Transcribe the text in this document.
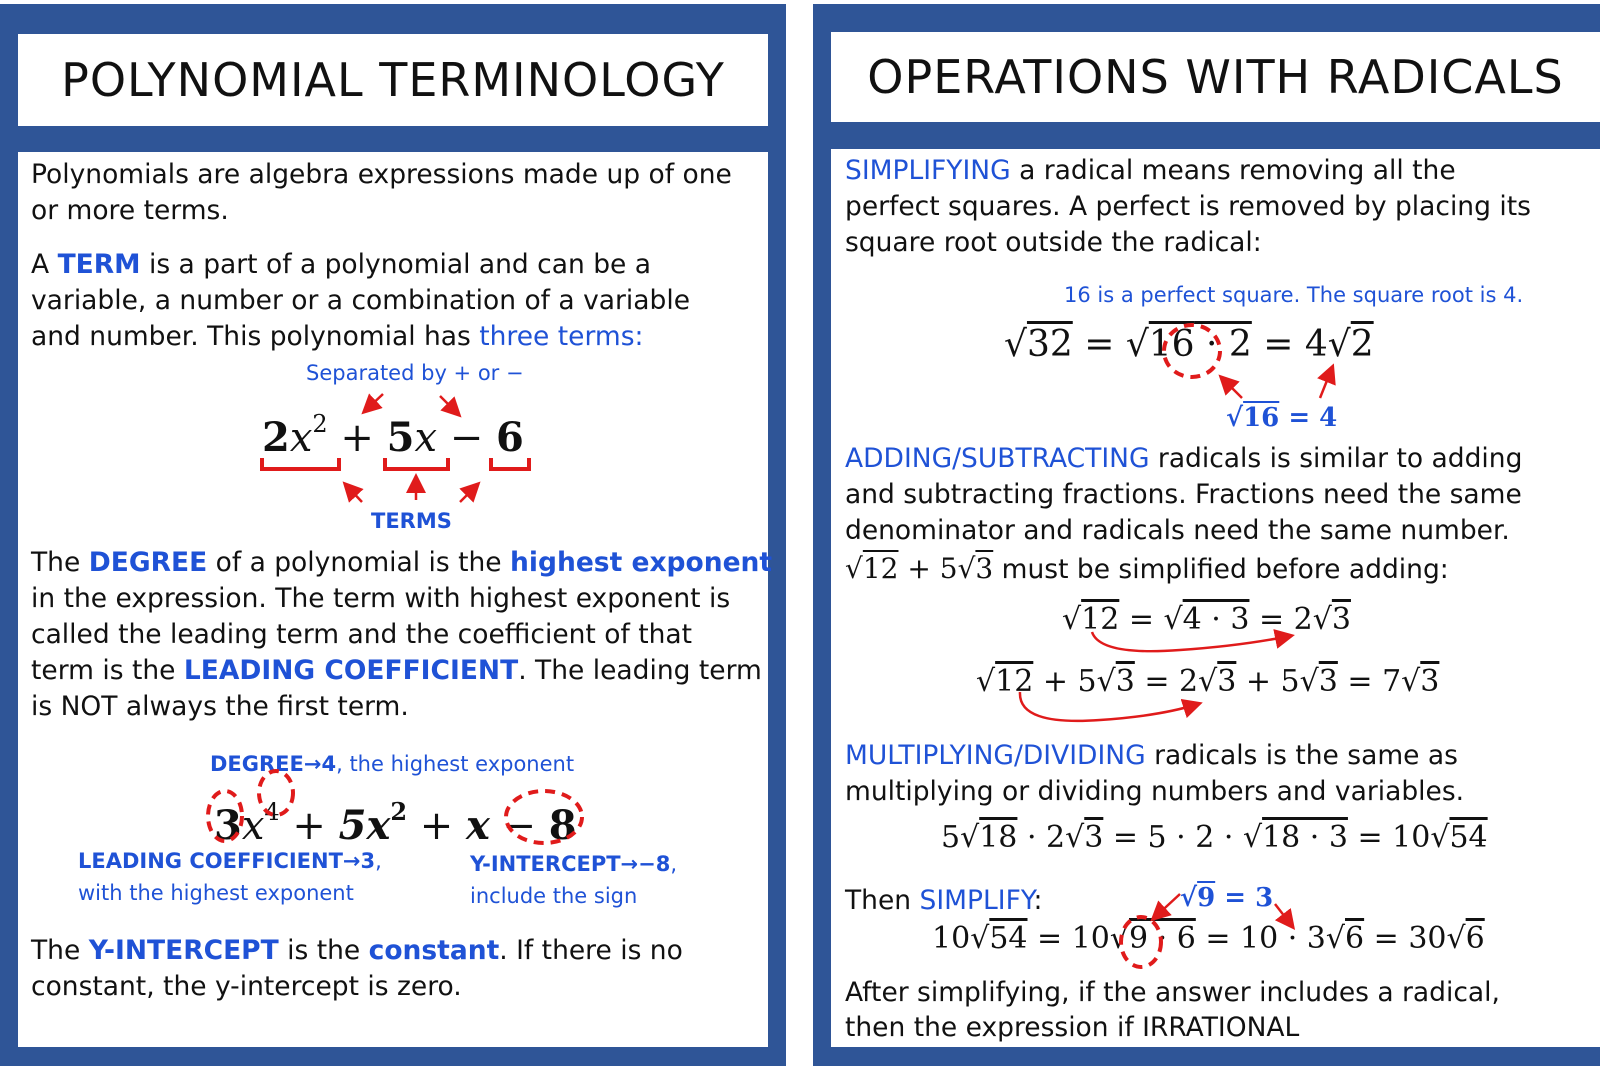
POLYNOMIAL TERMINOLOGY	OPERATIONS WITH RADICALS
Polynomials are algebra expressions made up of one
or more terms.
A TERM is a part of a polynomial and can be a
variable, a number or a combination of a variable
and number. This polynomial has three terms:
Separated by + or −
$2x^2 + 5x - 6$
TERMS
The DEGREE of a polynomial is the highest exponent
in the expression. The term with highest exponent is
called the leading term and the coefficient of that
term is the LEADING COEFFICIENT. The leading term
is NOT always the first term.
DEGREE→4, the highest exponent
$3x^4 + 5x^2 + x - 8$
LEADING COEFFICIENT→3,
with the highest exponent
Y-INTERCEPT→−8,
include the sign
The Y-INTERCEPT is the constant. If there is no
constant, the y-intercept is zero.
SIMPLIFYING a radical means removing all the
perfect squares. A perfect is removed by placing its
square root outside the radical:
16 is a perfect square. The square root is 4.
√32 = √16 · 2 = 4√2
√16 = 4
ADDING/SUBTRACTING radicals is similar to adding
and subtracting fractions. Fractions need the same
denominator and radicals need the same number.
√12 + 5√3 must be simplified before adding:
√12 = √4 · 3 = 2√3
√12 + 5√3 = 2√3 + 5√3 = 7√3
MULTIPLYING/DIVIDING radicals is the same as
multiplying or dividing numbers and variables.
5√18 · 2√3 = 5 · 2 · √18 · 3 = 10√54
Then SIMPLIFY:	√9 = 3
10√54 = 10√9 · 6 = 10 · 3√6 = 30√6
After simplifying, if the answer includes a radical,
then the expression if IRRATIONAL
